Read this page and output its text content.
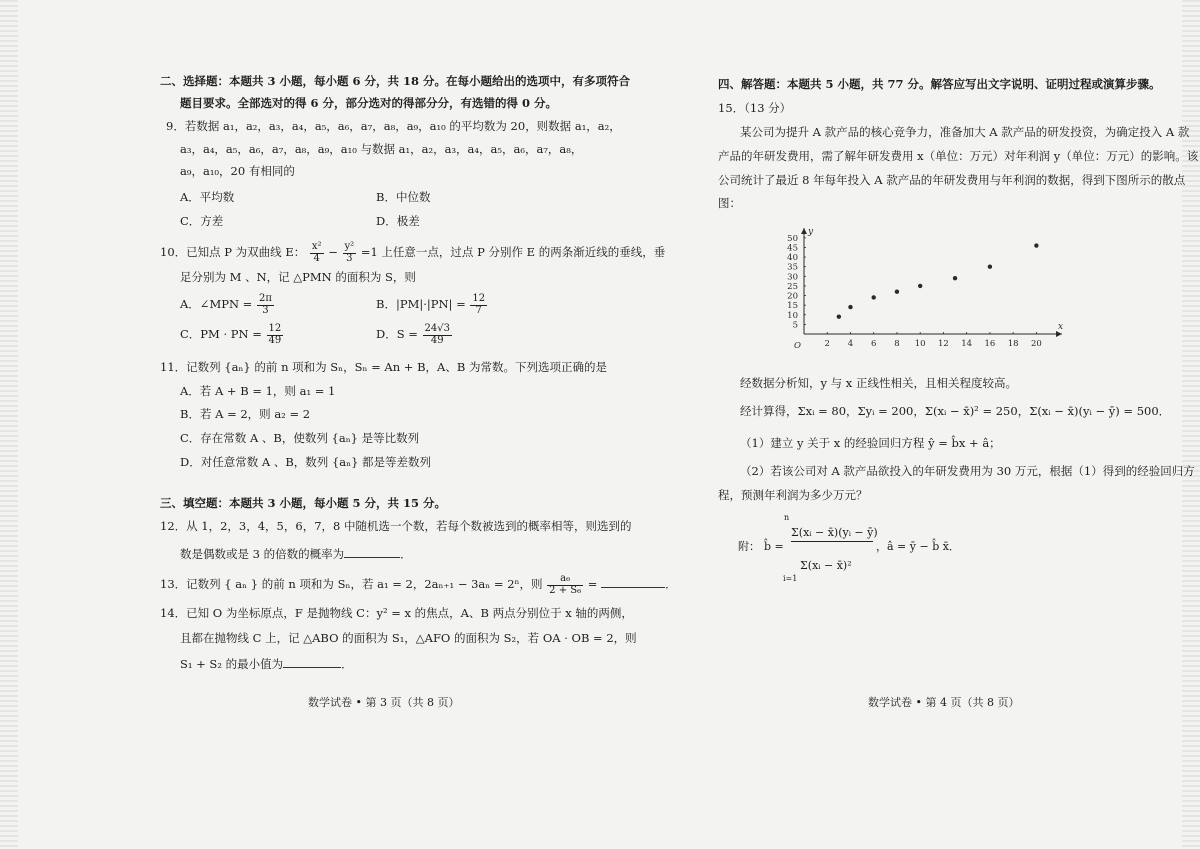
二、选择题：本题共 3 小题，每小题 6 分，共 18 分。在每小题给出的选项中，有多项符合
题目要求。全部选对的得 6 分，部分选对的得部分分，有选错的得 0 分。
9．若数据 a₁，a₂，a₃，a₄，a₅，a₆，a₇，a₈，a₉，a₁₀ 的平均数为 20，则数据 a₁，a₂，
a₃，a₄，a₅，a₆，a₇，a₈，a₉，a₁₀ 与数据 a₁，a₂，a₃，a₄，a₅，a₆，a₇，a₈，
a₉，a₁₀，20 有相同的
A．平均数	B．中位数
C．方差	D．极差
10．已知点 P 为双曲线 E： $\frac{\text{x²}}{4} - \frac{\text{y²}}{3} =1$ 上任意一点，过点 P 分别作 E 的两条渐近线的垂线，垂
足分别为 M 、N，记 △PMN 的面积为 S，则
A．∠MPN = $\frac{2\pi}{3}$	B．$|PM|\cdot|PN| = \frac{12}{7}$
C．PM · PN = $\frac{12}{49}$	D．$S = \frac{24√3}{49}$
11．记数列 {aₙ} 的前 n 项和为 Sₙ，Sₙ = An + B，A、B 为常数。下列选项正确的是
A．若 A + B = 1，则 a₁ = 1
B．若 A = 2，则 a₂ = 2
C．存在常数 A 、B，使数列 {aₙ} 是等比数列
D．对任意常数 A 、B，数列 {aₙ} 都是等差数列
三、填空题：本题共 3 小题，每小题 5 分，共 15 分。
12．从 1，2，3，4，5，6，7，8 中随机选一个数，若每个数被选到的概率相等，则选到的
数是偶数或是 3 的倍数的概率为	．
13．记数列 { aₙ } 的前 n 项和为 Sₙ，若 a₁ = 2，2aₙ₊₁ − 3aₙ = 2ⁿ，则 $\frac{\text{a₆}}{\text{2 + S₆}}$ =	．
14．已知 O 为坐标原点，F 是抛物线 C：y² = x 的焦点，A、B 两点分别位于 x 轴的两侧，
且都在抛物线 C 上，记 △ABO 的面积为 S₁，△AFO 的面积为 S₂，若 OA · OB = 2，则
S₁ + S₂ 的最小值为	．
数学试卷 • 第 3 页（共 8 页）
四、解答题：本题共 5 小题，共 77 分。解答应写出文字说明、证明过程或演算步骤。
15．（13 分）
某公司为提升 A 款产品的核心竞争力，准备加大 A 款产品的研发投资，为确定投入 A 款
产品的年研发费用，需了解年研发费用 x（单位：万元）对年利润 y（单位：万元）的影响。该
公司统计了最近 8 年每年投入 A 款产品的年研发费用与年利润的数据，得到下图所示的散点
图：
经数据分析知，y 与 x 正线性相关，且相关程度较高。
经计算得，Σxᵢ = 80，Σyᵢ = 200，Σ(xᵢ − x̄)² = 250，Σ(xᵢ − x̄)(yᵢ − ȳ) = 500．
（1）建立 y 关于 x 的经验回归方程 ŷ = b̂x + â；
（2）若该公司对 A 款产品欲投入的年研发费用为 30 万元，根据（1）得到的经验回归方
程，预测年利润为多少万元？
附： b̂ =
n
Σ(xᵢ − x̄)(yᵢ − ȳ)
Σ(xᵢ − x̄)²
i=1
，â = ȳ − b̂ x̄．
数学试卷 • 第 4 页（共 8 页）
2 4 6 8 10 12 14 16 18 20
5
10
15
20
25
30
35
40
45
50
O
x
y
